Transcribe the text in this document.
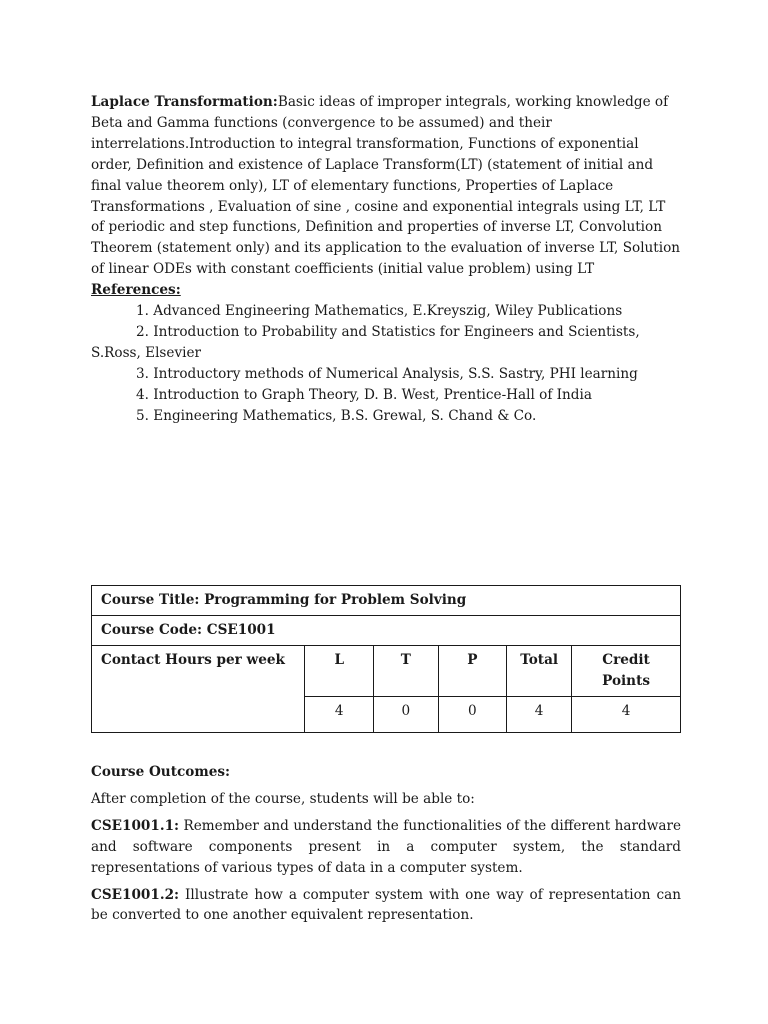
Laplace Transformation:Basic ideas of improper integrals, working knowledge of Beta and Gamma functions (convergence to be assumed) and their interrelations.Introduction to integral transformation, Functions of exponential order, Definition and existence of Laplace Transform(LT) (statement of initial and final value theorem only), LT of elementary functions, Properties of Laplace Transformations , Evaluation of sine , cosine and exponential integrals using LT, LT of periodic and step functions, Definition and properties of inverse LT, Convolution Theorem (statement only) and its application to the evaluation of inverse LT, Solution of linear ODEs with constant coefficients (initial value problem) using LT

References:

1. Advanced Engineering Mathematics, E.Kreyszig, Wiley Publications

2. Introduction to Probability and Statistics for Engineers and Scientists, S.Ross, Elsevier

3. Introductory methods of Numerical Analysis, S.S. Sastry, PHI learning

4. Introduction to Graph Theory, D. B. West, Prentice-Hall of India

5. Engineering Mathematics, B.S. Grewal, S. Chand & Co.

Course Title: Programming for Problem Solving					
Course Code: CSE1001					
Contact Hours per week	L	T	P	Total	Credit Points
	4	0	0	4	4

Course Outcomes:

After completion of the course, students will be able to:

CSE1001.1: Remember and understand the functionalities of the different hardware and software components present in a computer system, the standard representations of various types of data in a computer system.

CSE1001.2: Illustrate how a computer system with one way of representation can be converted to one another equivalent representation.
